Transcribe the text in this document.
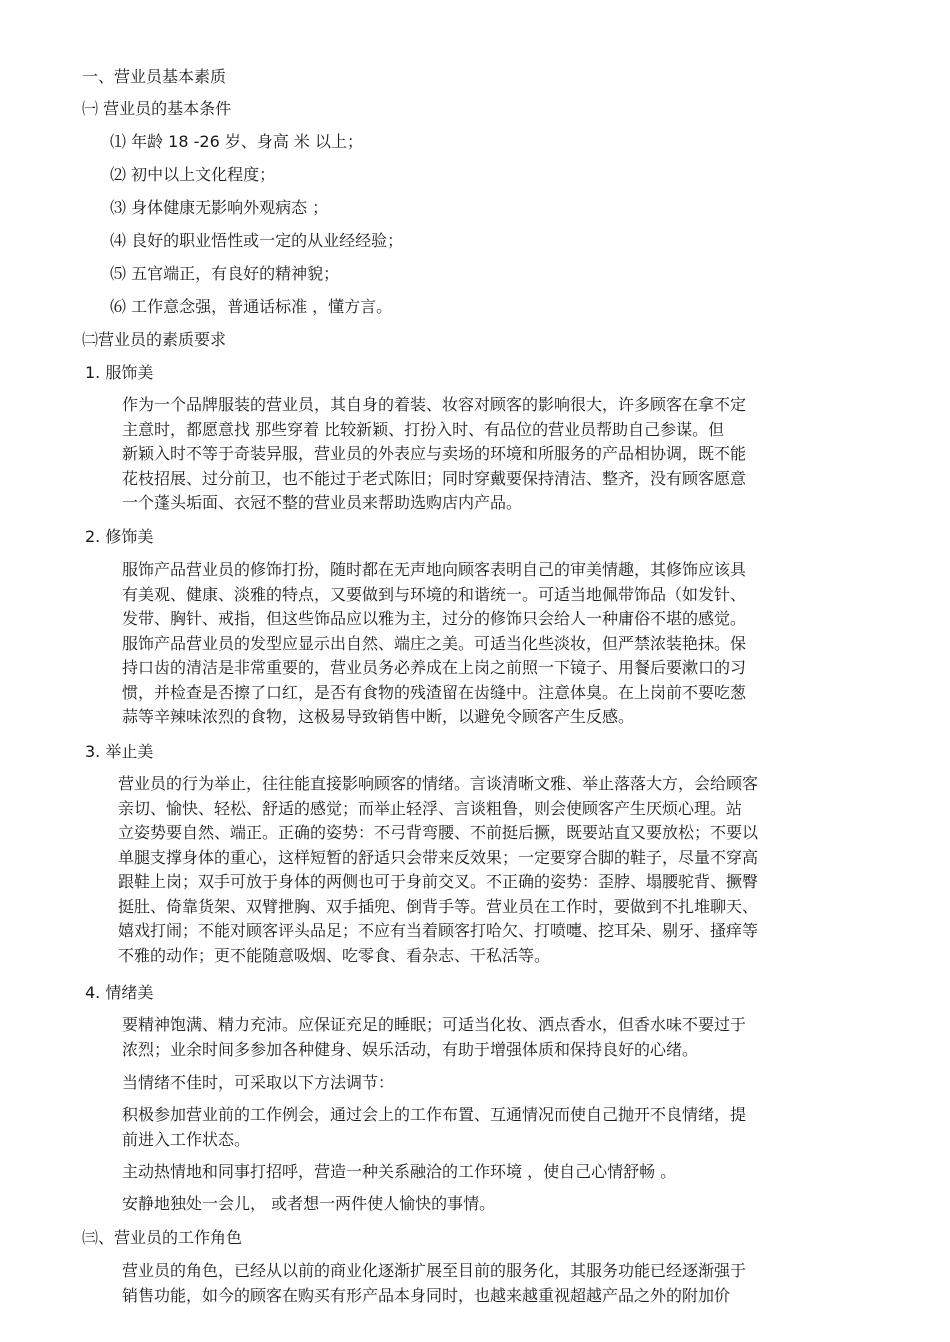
一、营业员基本素质
㈠ 营业员的基本条件
⑴ 年龄 18 -26 岁、身高 米 以上；
⑵ 初中以上文化程度；
⑶ 身体健康无影响外观病态 ；
⑷ 良好的职业悟性或一定的从业经经验；
⑸ 五官端正，有良好的精神貌；
⑹ 工作意念强，普通话标准 ，懂方言。
㈡营业员的素质要求
1. 服饰美
作为一个品牌服装的营业员，其自身的着装、妆容对顾客的影响很大，许多顾客在拿不定
主意时，都愿意找 那些穿着 比较新颖、打扮入时、有品位的营业员帮助自己参谋。但
新颖入时不等于奇装异服，营业员的外表应与卖场的环境和所服务的产品相协调，既不能
花枝招展、过分前卫，也不能过于老式陈旧；同时穿戴要保持清洁、整齐，没有顾客愿意
一个蓬头垢面、衣冠不整的营业员来帮助选购店内产品。
2. 修饰美
服饰产品营业员的修饰打扮，随时都在无声地向顾客表明自己的审美情趣，其修饰应该具
有美观、健康、淡雅的特点，又要做到与环境的和谐统一。可适当地佩带饰品（如发针、
发带、胸针、戒指，但这些饰品应以雅为主，过分的修饰只会给人一种庸俗不堪的感觉。
服饰产品营业员的发型应显示出自然、端庄之美。可适当化些淡妆，但严禁浓装艳抹。保
持口齿的清洁是非常重要的，营业员务必养成在上岗之前照一下镜子、用餐后要漱口的习
惯，并检查是否擦了口红，是否有食物的残渣留在齿缝中。注意体臭。在上岗前不要吃葱
蒜等辛辣味浓烈的食物，这极易导致销售中断，以避免令顾客产生反感。
3. 举止美
营业员的行为举止，往往能直接影响顾客的情绪。言谈清晰文雅、举止落落大方，会给顾客
亲切、愉快、轻松、舒适的感觉；而举止轻浮、言谈粗鲁，则会使顾客产生厌烦心理。站
立姿势要自然、端正。正确的姿势：不弓背弯腰、不前挺后撅，既要站直又要放松；不要以
单腿支撑身体的重心，这样短暂的舒适只会带来反效果；一定要穿合脚的鞋子，尽量不穿高
跟鞋上岗；双手可放于身体的两侧也可于身前交叉。不正确的姿势：歪脖、塌腰驼背、撅臀
挺肚、倚靠货架、双臂抴胸、双手插兜、倒背手等。营业员在工作时，要做到不扎堆聊天、
嬉戏打闹；不能对顾客评头品足；不应有当着顾客打哈欠、打喷嚏、挖耳朵、剔牙、搔痒等
不雅的动作；更不能随意吸烟、吃零食、看杂志、干私活等。
4. 情绪美
要精神饱满、精力充沛。应保证充足的睡眠；可适当化妆、洒点香水，但香水味不要过于
浓烈；业余时间多参加各种健身、娱乐活动，有助于增强体质和保持良好的心绪。
当情绪不佳时，可采取以下方法调节：
积极参加营业前的工作例会，通过会上的工作布置、互通情况而使自己抛开不良情绪，提
前进入工作状态。
主动热情地和同事打招呼，营造一种关系融洽的工作环境 ，使自己心情舒畅 。
安静地独处一会儿， 或者想一两件使人愉快的事情。
㈢、营业员的工作角色
营业员的角色，已经从以前的商业化逐渐扩展至目前的服务化，其服务功能已经逐渐强于
销售功能，如今的顾客在购买有形产品本身同时，也越来越重视超越产品之外的附加价
